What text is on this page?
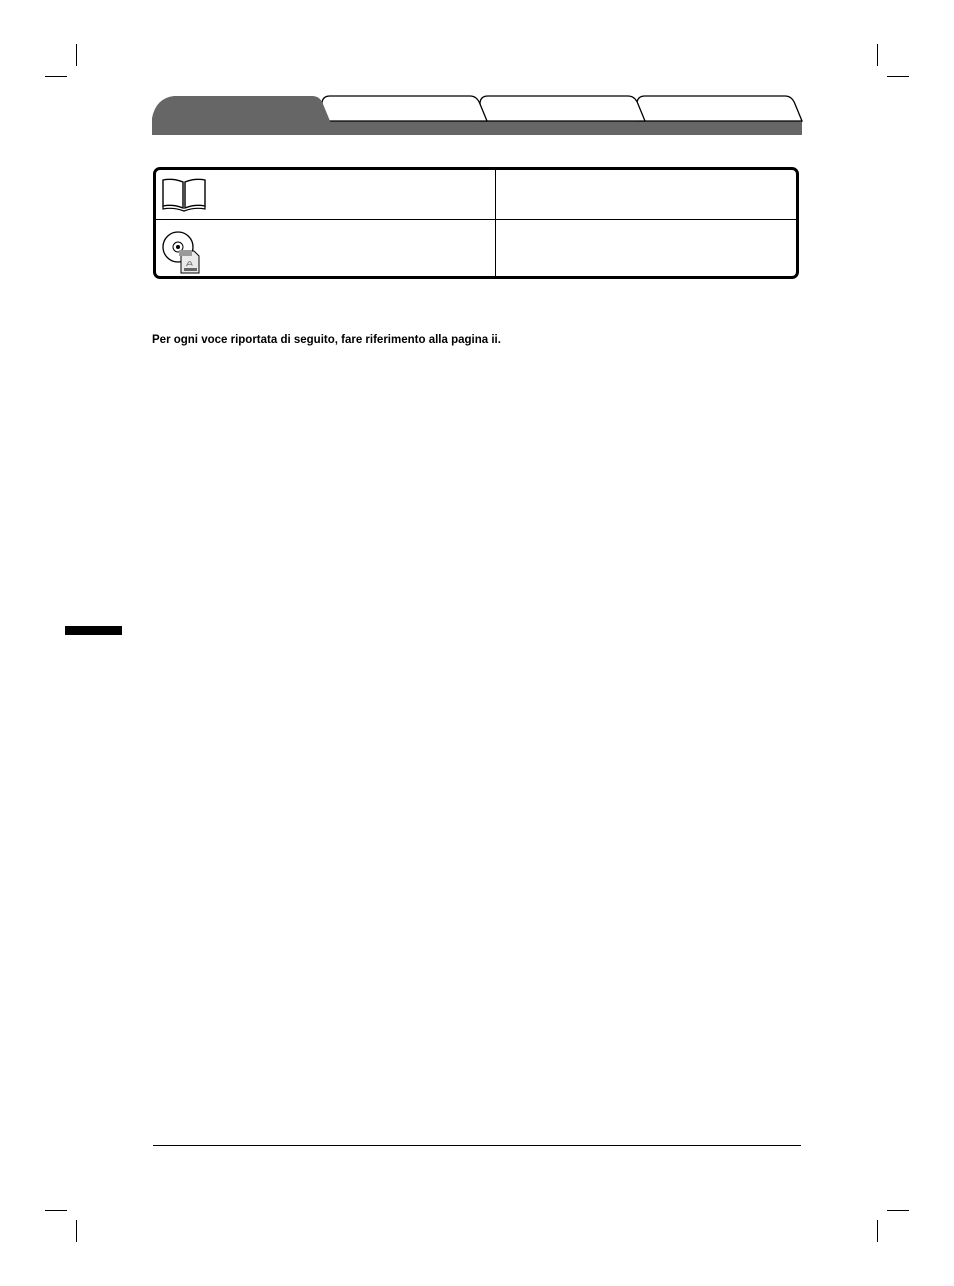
Per ogni voce riportata di seguito, fare riferimento alla pagina ii.
